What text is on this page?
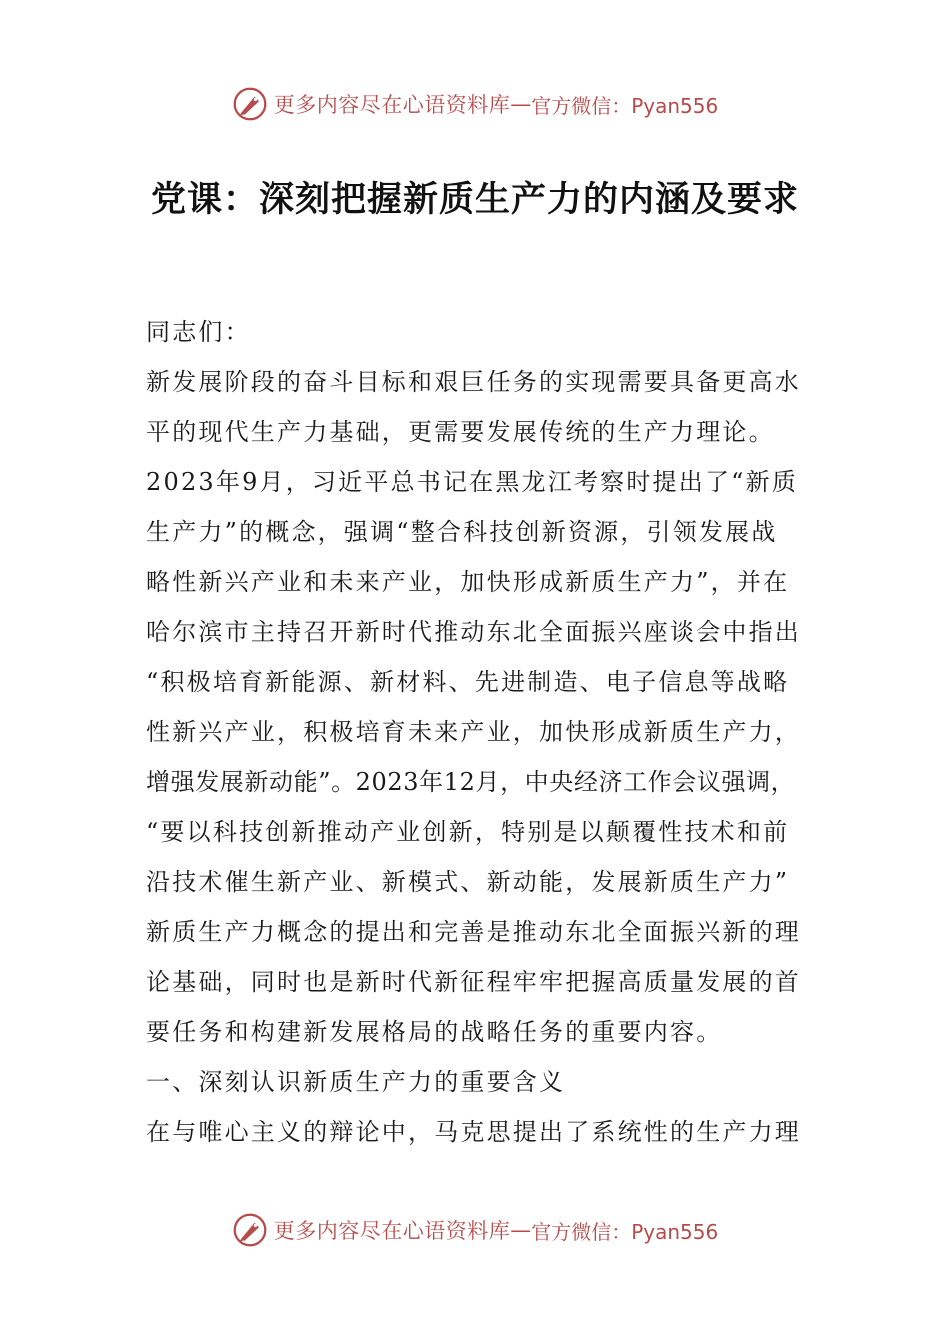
更多内容尽在心语资料库 — 官方微信：Pyan556
党课：深刻把握新质生产力的内涵及要求
同志们：
新发展阶段的奋斗目标和艰巨任务的实现需要具备更高水
平的现代生产力基础，更需要发展传统的生产力理论。
2023年9月，习近平总书记在黑龙江考察时提出了“新质
生产力”的概念，强调“整合科技创新资源，引领发展战
略性新兴产业和未来产业，加快形成新质生产力”，并在
哈尔滨市主持召开新时代推动东北全面振兴座谈会中指出
“积极培育新能源、新材料、先进制造、电子信息等战略
性新兴产业，积极培育未来产业，加快形成新质生产力，
增强发展新动能”。2023年12月，中央经济工作会议强调，
“要以科技创新推动产业创新，特别是以颠覆性技术和前
沿技术催生新产业、新模式、新动能，发展新质生产力”
新质生产力概念的提出和完善是推动东北全面振兴新的理
论基础，同时也是新时代新征程牢牢把握高质量发展的首
要任务和构建新发展格局的战略任务的重要内容。
一、深刻认识新质生产力的重要含义
在与唯心主义的辩论中，马克思提出了系统性的生产力理
更多内容尽在心语资料库 — 官方微信：Pyan556
